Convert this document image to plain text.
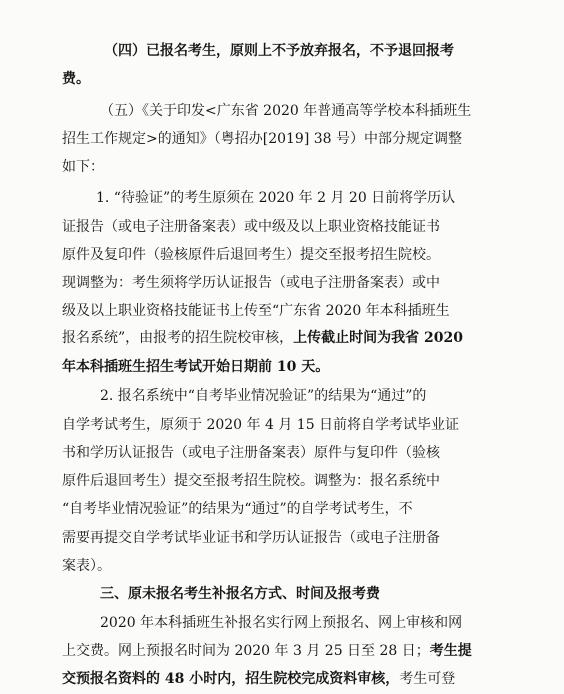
（四）已报名考生，原则上不予放弃报名，不予退回报考
费。
（五）《关于印发<广东省 2020 年普通高等学校本科插班生
招生工作规定>的通知》（粤招办[2019] 38 号）中部分规定调整
如下：
1. “待验证”的考生原须在 2020 年 2 月 20 日前将学历认
证报告（或电子注册备案表）或中级及以上职业资格技能证书
原件及复印件（验核原件后退回考生）提交至报考招生院校。
现调整为：考生须将学历认证报告（或电子注册备案表）或中
级及以上职业资格技能证书上传至“广东省 2020 年本科插班生
报名系统”，由报考的招生院校审核，上传截止时间为我省 2020
年本科插班生招生考试开始日期前 10 天。
2. 报名系统中“自考毕业情况验证”的结果为“通过”的
自学考试考生，原须于 2020 年 4 月 15 日前将自学考试毕业证
书和学历认证报告（或电子注册备案表）原件与复印件（验核
原件后退回考生）提交至报考招生院校。调整为：报名系统中
“自考毕业情况验证”的结果为“通过”的自学考试考生，不
需要再提交自学考试毕业证书和学历认证报告（或电子注册备
案表）。
三、原未报名考生补报名方式、时间及报考费
2020 年本科插班生补报名实行网上预报名、网上审核和网
上交费。网上预报名时间为 2020 年 3 月 25 日至 28 日；考生提
交预报名资料的 48 小时内，招生院校完成资料审核，考生可登
